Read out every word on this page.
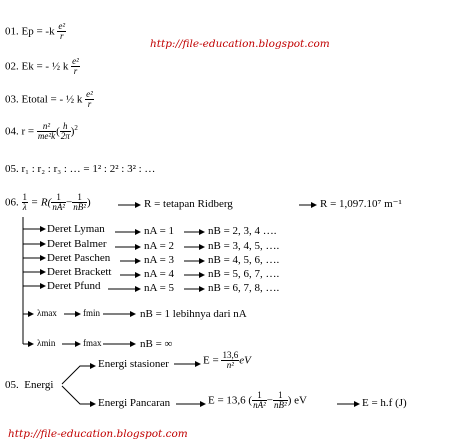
http://file-education.blogspot.com
http://file-education.blogspot.com
01. $Ep = -k \frac{\text{e²}}{r}$
02. Ek = - ½ k $\frac{\text{e²}}{r}$
03. Etotal = - ½ k $\frac{\text{e²}}{r}$
04. $r = \frac{\text{n²}}{\text{me²k}}$ ( $\frac{h}{2\pi} )^2$
05. r₁ : r₂ : r₃ : … = 1² : 2² : 3² : …
06. $\frac{1}{\lambda} = R( \frac{1}{\text{nA²}} - \frac{1}{\text{nB²}}$ )	R = tetapan Ridberg	R = 1,097.10⁷ m⁻¹
Deret Lyman	nA = 1	nB = 2, 3, 4 ….
Deret Balmer	nA = 2	nB = 3, 4, 5, ….
Deret Paschen	nA = 3	nB = 4, 5, 6, ….
Deret Brackett	nA = 4	nB = 5, 6, 7, ….
Deret Pfund	nA = 5	nB = 6, 7, 8, ….
λmax	fmin	nB = 1 lebihnya dari nA
λmin	fmax	nB = ∞
05. Energi
Energi stasioner	$E = \frac{13,6}{\text{n²}}$ eV
Energi Pancaran	E = 13,6 ( $\frac{1}{\text{nA²}} - \frac{1}{\text{nB²}}$ ) eV	E = h.f (J)
